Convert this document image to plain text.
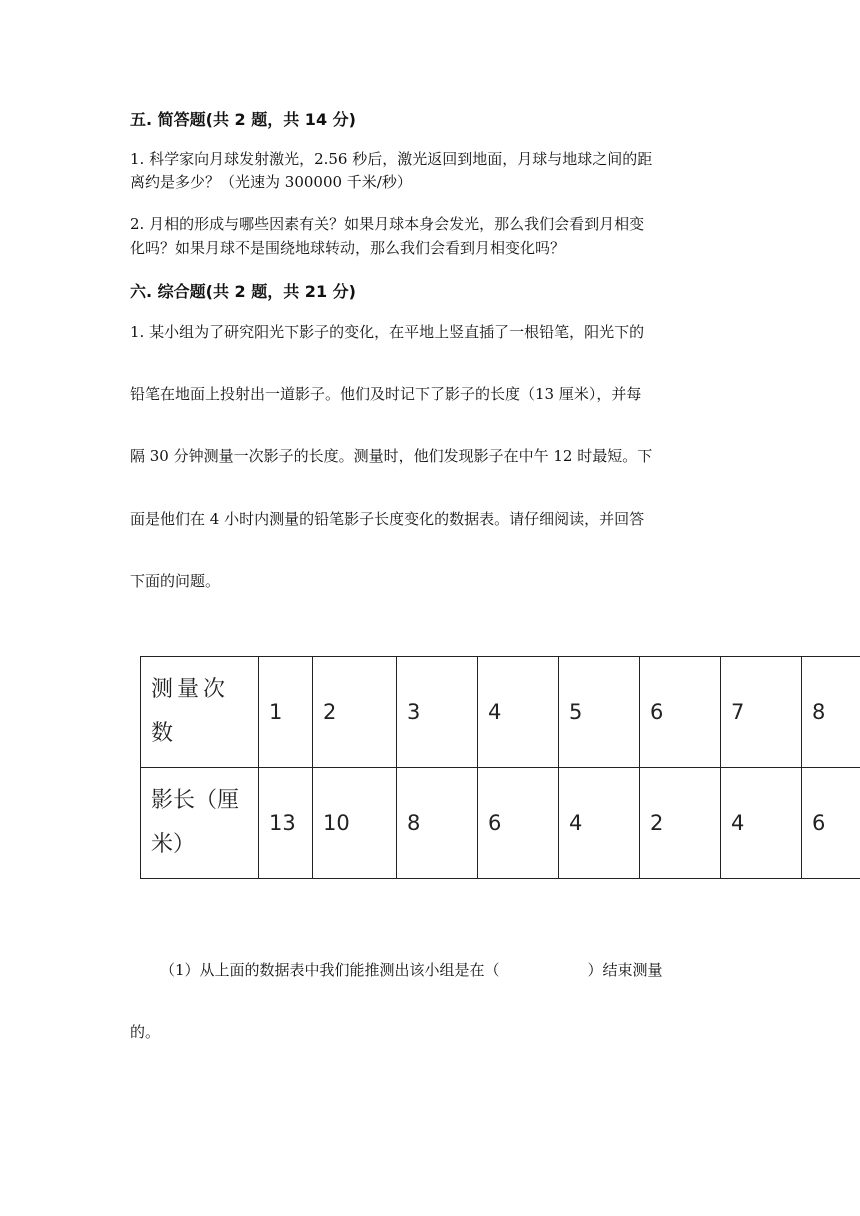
五. 简答题(共 2 题，共 14 分)
1. 科学家向月球发射激光，2.56 秒后，激光返回到地面，月球与地球之间的距
离约是多少？（光速为 300000 千米/秒）
2. 月相的形成与哪些因素有关？如果月球本身会发光，那么我们会看到月相变
化吗？如果月球不是围绕地球转动，那么我们会看到月相变化吗？
六. 综合题(共 2 题，共 21 分)
1. 某小组为了研究阳光下影子的变化，在平地上竖直插了一根铅笔，阳光下的
铅笔在地面上投射出一道影子。他们及时记下了影子的长度（13 厘米），并每
隔 30 分钟测量一次影子的长度。测量时，他们发现影子在中午 12 时最短。下
面是他们在 4 小时内测量的铅笔影子长度变化的数据表。请仔细阅读，并回答
下面的问题。
测量次数	1	2	3	4	5	6	7	8
影长（厘米）	13	10	8	6	4	2	4	6
（1）从上面的数据表中我们能推测出该小组是在（	）结束测量
的。
